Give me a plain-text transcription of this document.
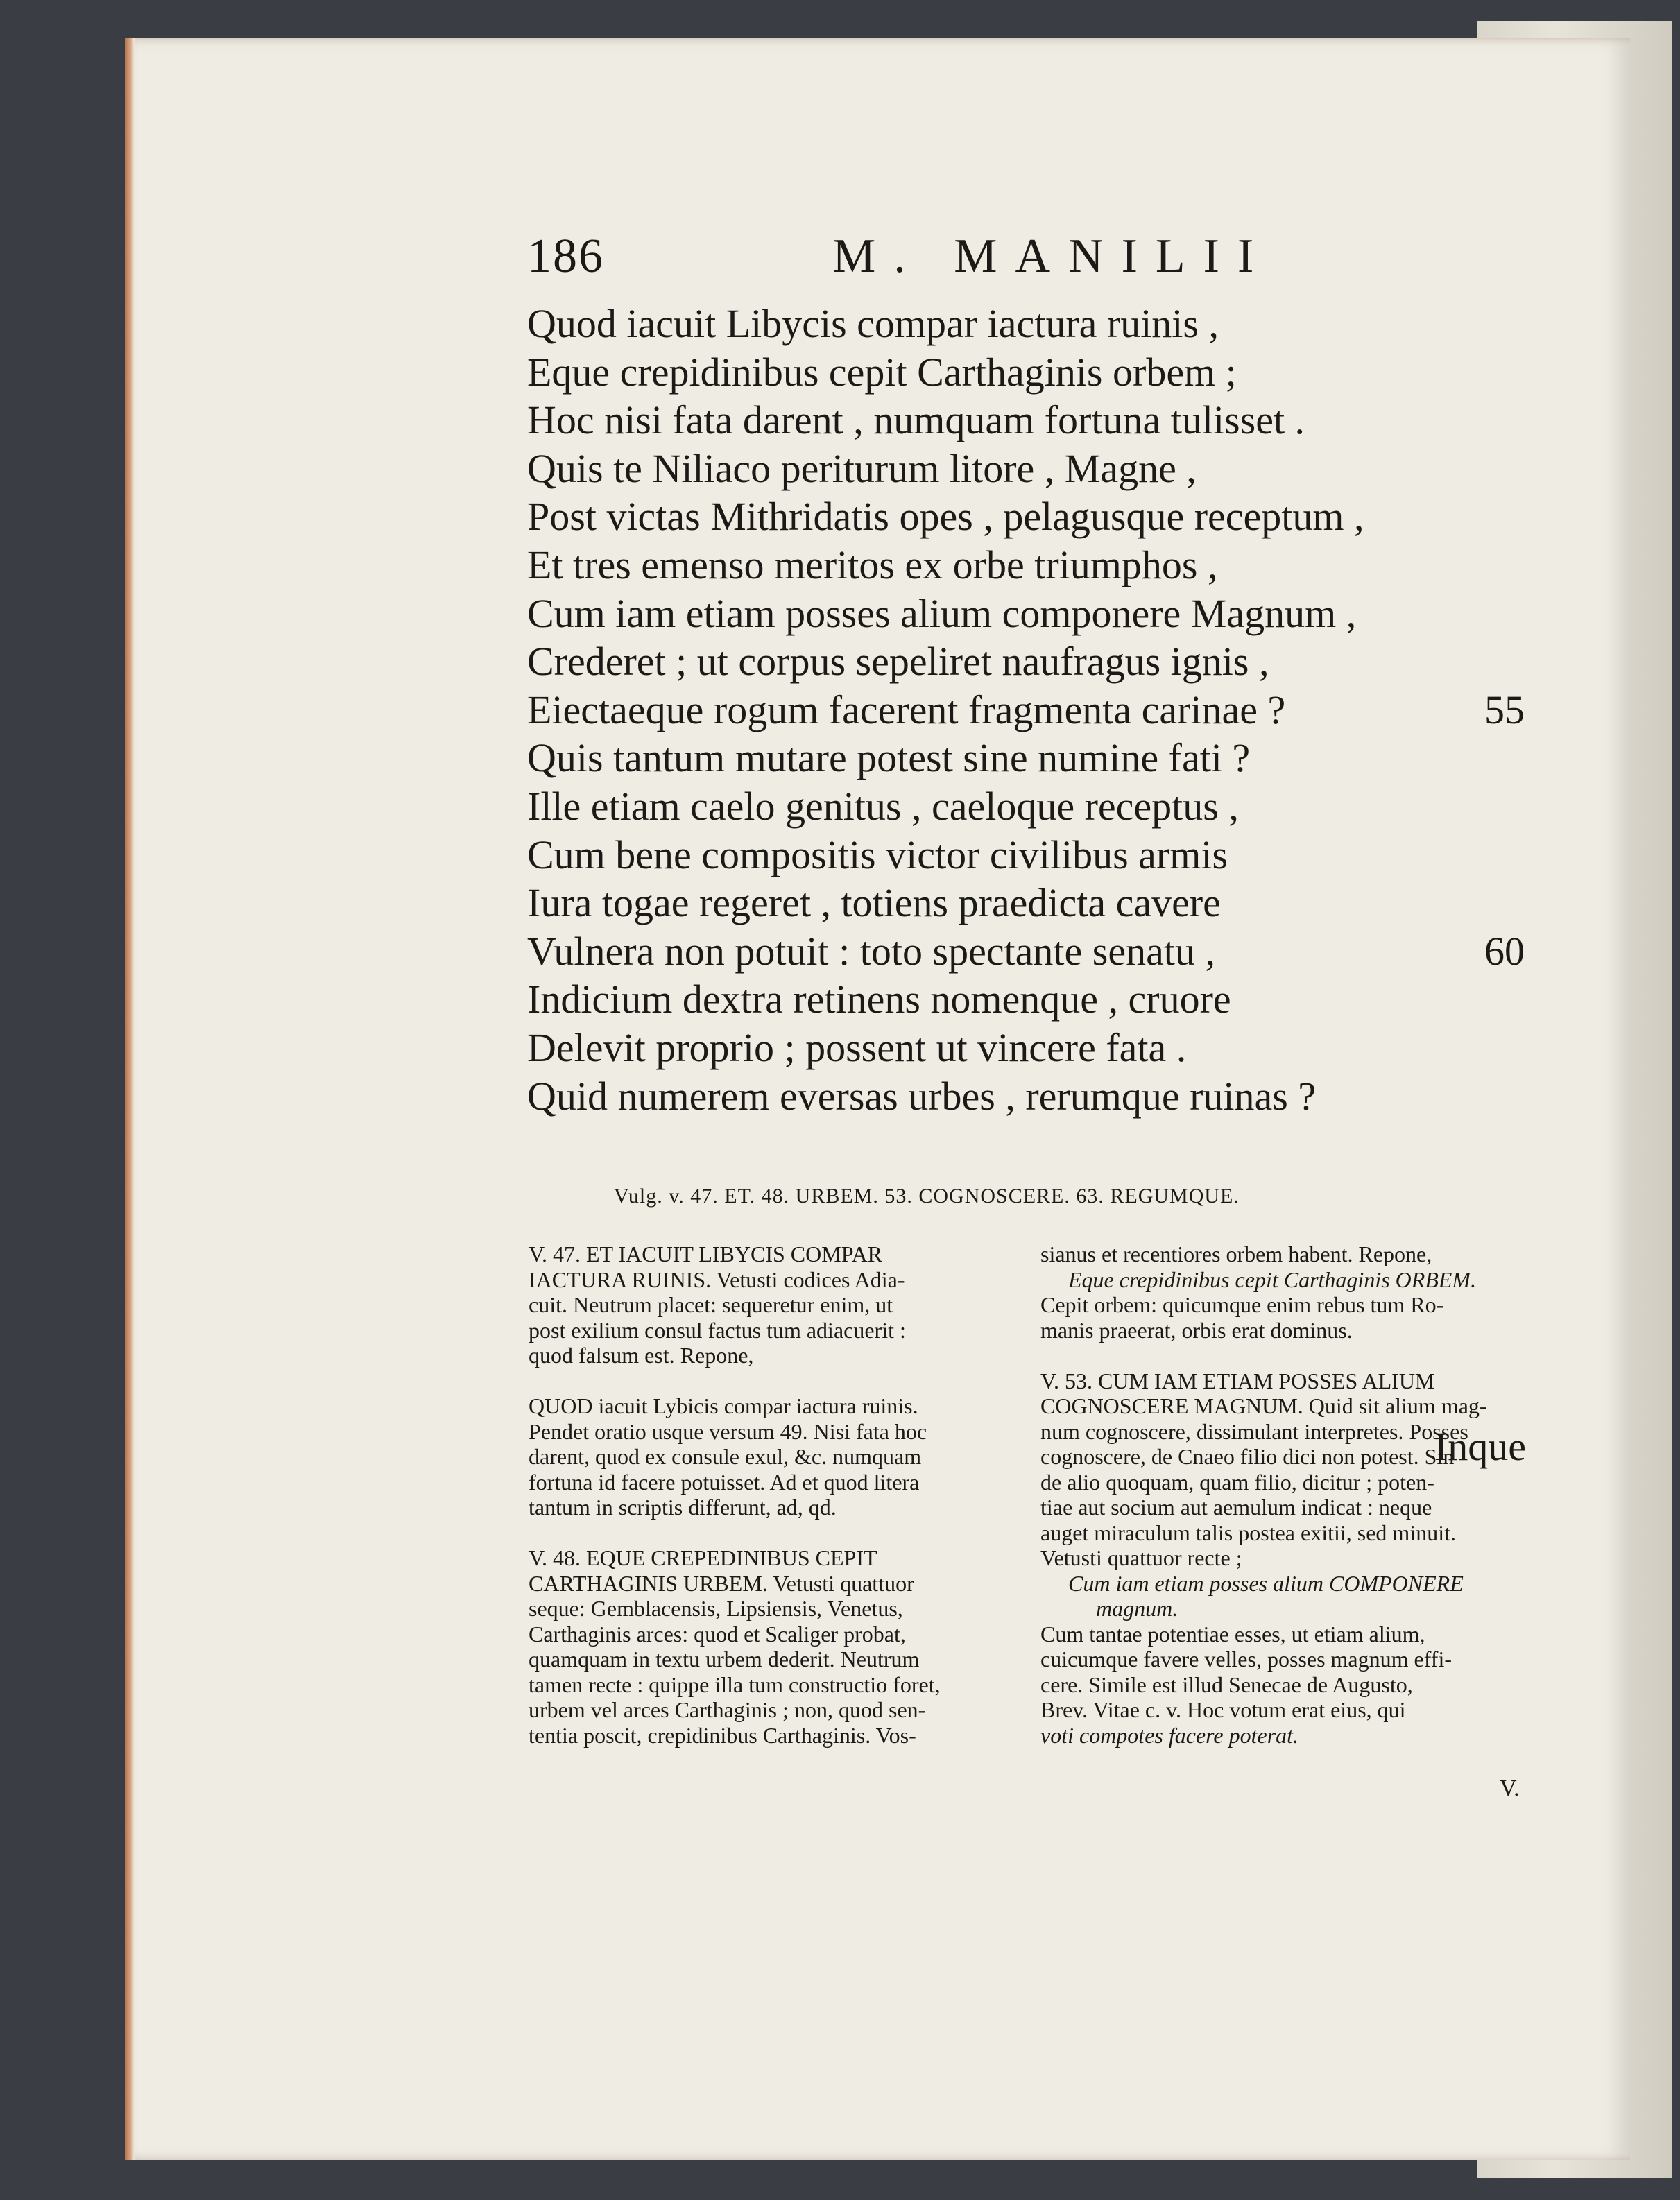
186	M. MANILII
Quod iacuit Libycis compar iactura ruinis ,
Eque crepidinibus cepit Carthaginis orbem ;
Hoc nisi fata darent , numquam fortuna tulisset .
Quis te Niliaco periturum litore , Magne ,
Post victas Mithridatis opes , pelagusque receptum ,
Et tres emenso meritos ex orbe triumphos ,
Cum iam etiam posses alium componere Magnum ,
Crederet ; ut corpus sepeliret naufragus ignis ,
Eiectaeque rogum facerent fragmenta carinae ?	55
Quis tantum mutare potest sine numine fati ?
Ille etiam caelo genitus , caeloque receptus ,
Cum bene compositis victor civilibus armis
Iura togae regeret , totiens praedicta cavere
Vulnera non potuit : toto spectante senatu ,	60
Indicium dextra retinens nomenque , cruore
Delevit proprio ; possent ut vincere fata .
Quid numerem eversas urbes , rerumque ruinas ?
Inque
Vulg. v. 47. ET. 48. URBEM. 53. COGNOSCERE. 63. REGUMQUE.
V. 47. ET IACUIT LIBYCIS COMPAR
IACTURA RUINIS. Vetusti codices Adia-
cuit. Neutrum placet: sequeretur enim, ut
post exilium consul factus tum adiacuerit :
quod falsum est. Repone,
QUOD iacuit Lybicis compar iactura ruinis.
Pendet oratio usque versum 49. Nisi fata hoc
darent, quod ex consule exul, &c. numquam
fortuna id facere potuisset. Ad et quod litera
tantum in scriptis differunt, ad, qd.
V. 48. EQUE CREPEDINIBUS CEPIT
CARTHAGINIS URBEM. Vetusti quattuor
seque: Gemblacensis, Lipsiensis, Venetus,
Carthaginis arces: quod et Scaliger probat,
quamquam in textu urbem dederit. Neutrum
tamen recte : quippe illa tum constructio foret,
urbem vel arces Carthaginis ; non, quod sen-
tentia poscit, crepidinibus Carthaginis. Vos-
sianus et recentiores orbem habent. Repone,
Eque crepidinibus cepit Carthaginis ORBEM.
Cepit orbem: quicumque enim rebus tum Ro-
manis praeerat, orbis erat dominus.
V. 53. CUM IAM ETIAM POSSES ALIUM
COGNOSCERE MAGNUM. Quid sit alium mag-
num cognoscere, dissimulant interpretes. Posses
cognoscere, de Cnaeo filio dici non potest. Sin
de alio quoquam, quam filio, dicitur ; poten-
tiae aut socium aut aemulum indicat : neque
auget miraculum talis postea exitii, sed minuit.
Vetusti quattuor recte ;
Cum iam etiam posses alium COMPONERE
magnum.
Cum tantae potentiae esses, ut etiam alium,
cuicumque favere velles, posses magnum effi-
cere. Simile est illud Senecae de Augusto,
Brev. Vitae c. v. Hoc votum erat eius, qui
voti compotes facere poterat.
V.
